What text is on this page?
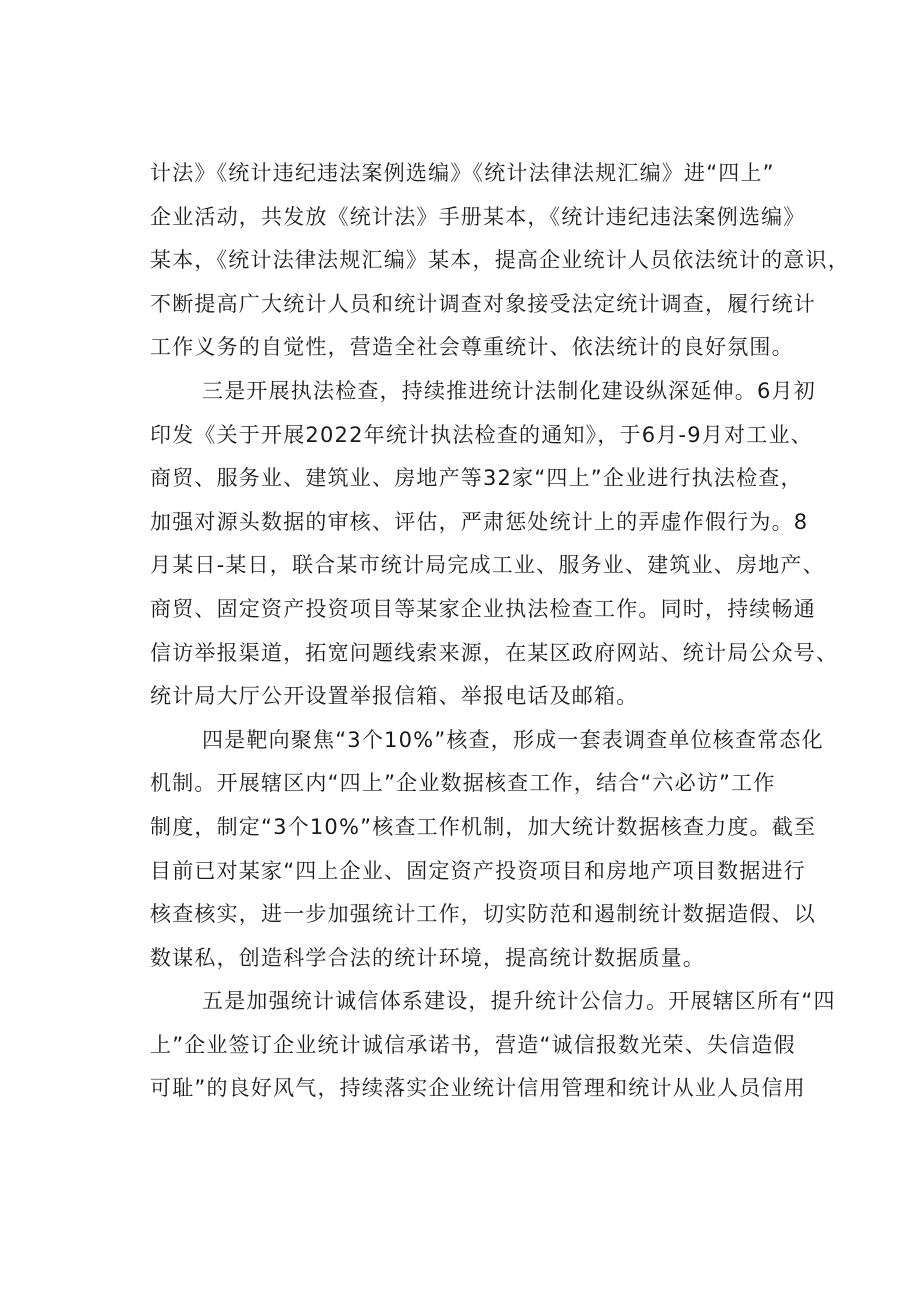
计法》《统计违纪违法案例选编》《统计法律法规汇编》进“四上”
企业活动，共发放《统计法》手册某本，《统计违纪违法案例选编》
某本，《统计法律法规汇编》某本，提高企业统计人员依法统计的意识，
不断提高广大统计人员和统计调查对象接受法定统计调查，履行统计
工作义务的自觉性，营造全社会尊重统计、依法统计的良好氛围。
三是开展执法检查，持续推进统计法制化建设纵深延伸。6月初
印发《关于开展2022年统计执法检查的通知》，于6月-9月对工业、
商贸、服务业、建筑业、房地产等32家“四上”企业进行执法检查，
加强对源头数据的审核、评估，严肃惩处统计上的弄虚作假行为。8
月某日-某日，联合某市统计局完成工业、服务业、建筑业、房地产、
商贸、固定资产投资项目等某家企业执法检查工作。同时，持续畅通
信访举报渠道，拓宽问题线索来源，在某区政府网站、统计局公众号、
统计局大厅公开设置举报信箱、举报电话及邮箱。
四是靶向聚焦“3个10%”核查，形成一套表调查单位核查常态化
机制。开展辖区内“四上”企业数据核查工作，结合“六必访”工作
制度，制定“3个10%”核查工作机制，加大统计数据核查力度。截至
目前已对某家“四上企业、固定资产投资项目和房地产项目数据进行
核查核实，进一步加强统计工作，切实防范和遏制统计数据造假、以
数谋私，创造科学合法的统计环境，提高统计数据质量。
五是加强统计诚信体系建设，提升统计公信力。开展辖区所有“四
上”企业签订企业统计诚信承诺书，营造“诚信报数光荣、失信造假
可耻”的良好风气，持续落实企业统计信用管理和统计从业人员信用
